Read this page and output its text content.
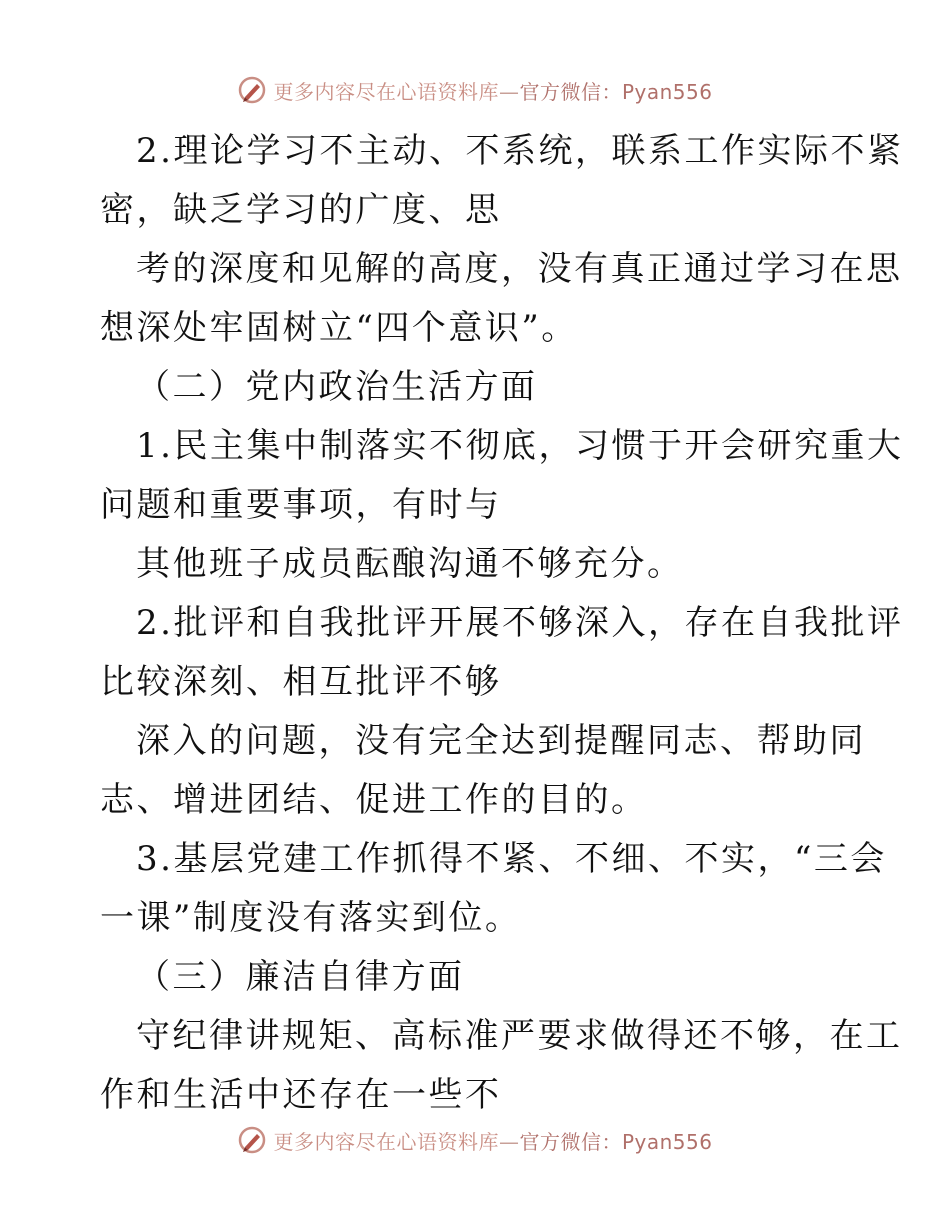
更多内容尽在心语资料库—官方微信：Pyan556
2.理论学习不主动、不系统，联系工作实际不紧
密，缺乏学习的广度、思
考的深度和见解的高度，没有真正通过学习在思
想深处牢固树立“四个意识”。
（二）党内政治生活方面
1.民主集中制落实不彻底，习惯于开会研究重大
问题和重要事项，有时与
其他班子成员酝酿沟通不够充分。
2.批评和自我批评开展不够深入，存在自我批评
比较深刻、相互批评不够
深入的问题，没有完全达到提醒同志、帮助同
志、增进团结、促进工作的目的。
3.基层党建工作抓得不紧、不细、不实，“三会
一课”制度没有落实到位。
（三）廉洁自律方面
守纪律讲规矩、高标准严要求做得还不够，在工
作和生活中还存在一些不
更多内容尽在心语资料库—官方微信：Pyan556
